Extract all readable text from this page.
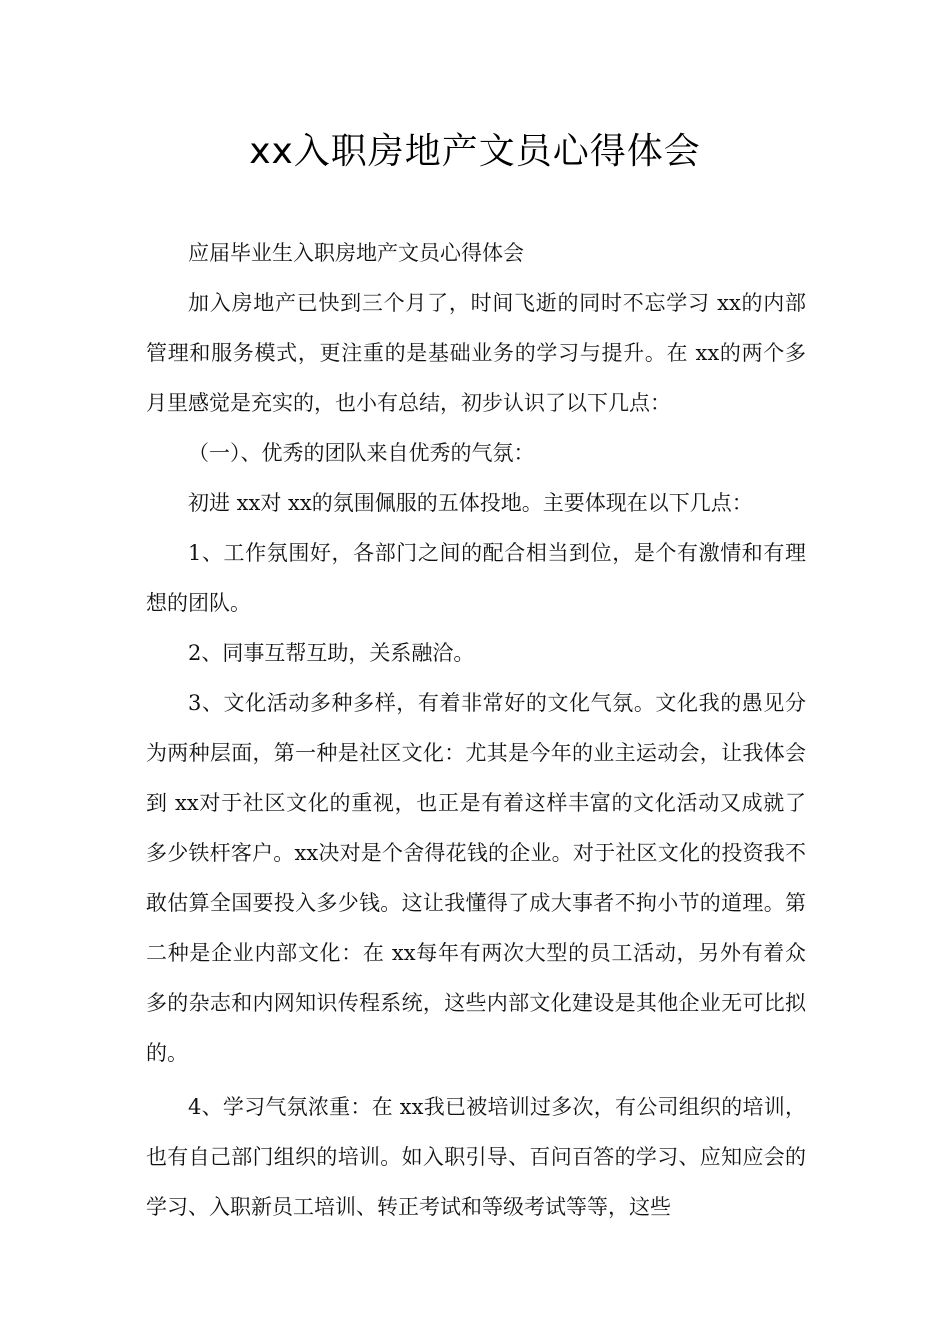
xx入职房地产文员心得体会

应届毕业生入职房地产文员心得体会

加入房地产已快到三个月了，时间飞逝的同时不忘学习 xx的内部管理和服务模式，更注重的是基础业务的学习与提升。在 xx的两个多月里感觉是充实的，也小有总结，初步认识了以下几点：

（一）、优秀的团队来自优秀的气氛：

初进 xx对 xx的氛围佩服的五体投地。主要体现在以下几点：

1、工作氛围好，各部门之间的配合相当到位，是个有激情和有理想的团队。

2、同事互帮互助，关系融洽。

3、文化活动多种多样，有着非常好的文化气氛。文化我的愚见分为两种层面，第一种是社区文化：尤其是今年的业主运动会，让我体会到 xx对于社区文化的重视，也正是有着这样丰富的文化活动又成就了多少铁杆客户。xx决对是个舍得花钱的企业。对于社区文化的投资我不敢估算全国要投入多少钱。这让我懂得了成大事者不拘小节的道理。第二种是企业内部文化：在 xx每年有两次大型的员工活动，另外有着众多的杂志和内网知识传程系统，这些内部文化建设是其他企业无可比拟的。

4、学习气氛浓重：在 xx我已被培训过多次，有公司组织的培训，也有自己部门组织的培训。如入职引导、百问百答的学习、应知应会的学习、入职新员工培训、转正考试和等级考试等等，这些
